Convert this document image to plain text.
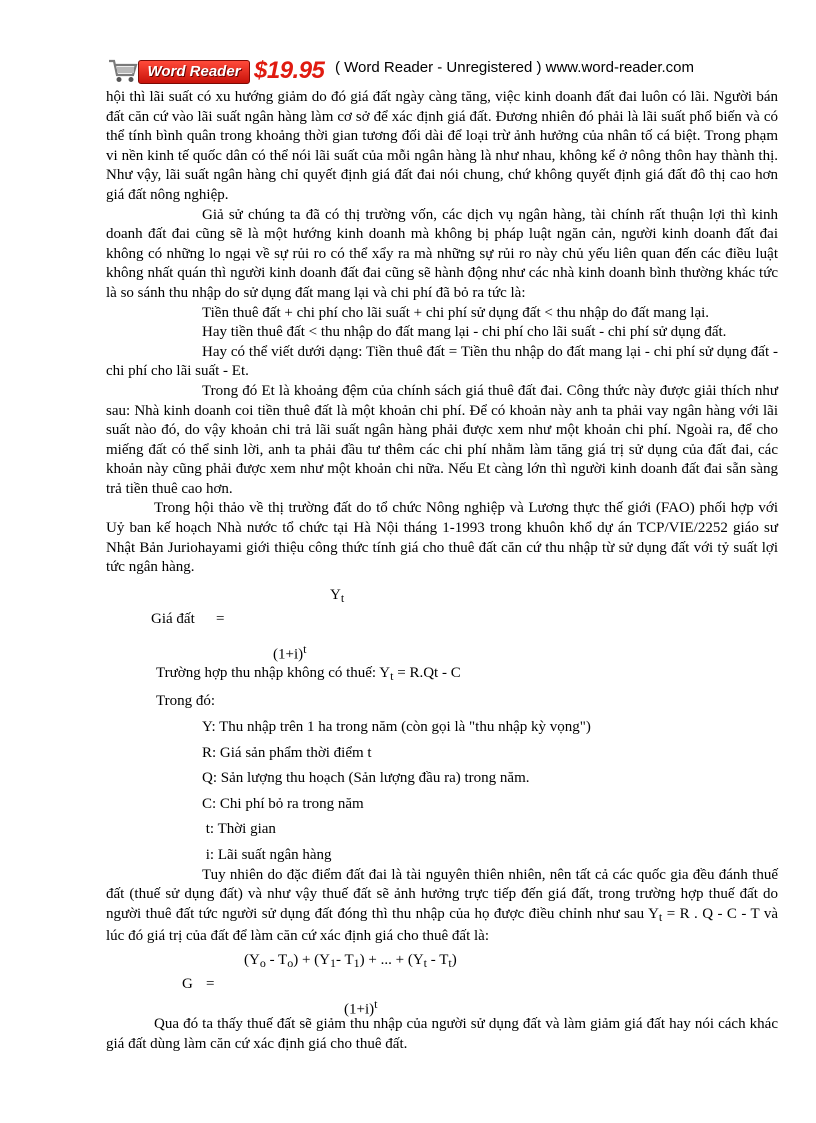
Word Reader $19.95 ( Word Reader - Unregistered ) www.word-reader.com

hội thì lãi suất có xu hướng giảm do đó giá đất ngày càng tăng, việc kinh doanh đất đai luôn có lãi. Người bán đất căn cứ vào lãi suất ngân hàng làm cơ sở để xác định giá đất. Đương nhiên đó phải là lãi suất phổ biến và có thể tính bình quân trong khoảng thời gian tương đối dài để loại trừ ảnh hưởng của nhân tố cá biệt. Trong phạm vi nền kinh tế quốc dân có thể nói lãi suất của mỗi ngân hàng là như nhau, không kể ở nông thôn hay thành thị. Như vậy, lãi suất ngân hàng chỉ quyết định giá đất đai nói chung, chứ không quyết định giá đất đô thị cao hơn giá đất nông nghiệp.

Giả sử chúng ta đã có thị trường vốn, các dịch vụ ngân hàng, tài chính rất thuận lợi thì kinh doanh đất đai cũng sẽ là một hướng kinh doanh mà không bị pháp luật ngăn cản, người kinh doanh đất đai không có những lo ngại về sự rủi ro có thể xẩy ra mà những sự rủi ro này chủ yếu liên quan đến các điều luật không nhất quán thì người kinh doanh đất đai cũng sẽ hành động như các nhà kinh doanh bình thường khác tức là so sánh thu nhập do sử dụng đất mang lại và chi phí đã bỏ ra tức là:

Tiền thuê đất + chi phí cho lãi suất + chi phí sử dụng đất < thu nhập do đất mang lại.

Hay tiền thuê đất < thu nhập do đất mang lại - chi phí cho lãi suất - chi phí sử dụng đất.

Hay có thể viết dưới dạng: Tiền thuê đất = Tiền thu nhập do đất mang lại - chi phí sử dụng đất - chi phí cho lãi suất - Et.

Trong đó Et là khoảng đệm của chính sách giá thuê đất đai. Công thức này được giải thích như sau: Nhà kinh doanh coi tiền thuê đất là một khoản chi phí. Để có khoản này anh ta phải vay ngân hàng với lãi suất nào đó, do vậy khoản chi trả lãi suất ngân hàng phải được xem như một khoản chi phí. Ngoài ra, để cho miếng đất có thể sinh lời, anh ta phải đầu tư thêm các chi phí nhằm làm tăng giá trị sử dụng của đất đai, các khoản này cũng phải được xem như một khoản chi nữa. Nếu Et càng lớn thì người kinh doanh đất đai sẵn sàng trả tiền thuê cao hơn.

Trong hội thảo về thị trường đất do tổ chức Nông nghiệp và Lương thực thế giới (FAO) phối hợp với Uỷ ban kế hoạch Nhà nước tổ chức tại Hà Nội tháng 1-1993 trong khuôn khổ dự án TCP/VIE/2252 giáo sư Nhật Bản Juriohayami giới thiệu công thức tính giá cho thuê đất căn cứ thu nhập từ sử dụng đất với tỷ suất lợi tức ngân hàng.

$Y_t$
Giá đất =
$(1+i)^t$

Trường hợp thu nhập không có thuế: $Y_t = R.Qt - C$

Trong đó:

Y: Thu nhập trên 1 ha trong năm (còn gọi là "thu nhập kỳ vọng")

R: Giá sản phẩm thời điểm t

Q: Sản lượng thu hoạch (Sản lượng đầu ra) trong năm.

C: Chi phí bỏ ra trong năm

t: Thời gian

i: Lãi suất ngân hàng

Tuy nhiên do đặc điểm đất đai là tài nguyên thiên nhiên, nên tất cả các quốc gia đều đánh thuế đất (thuế sử dụng đất) và như vậy thuế đất sẽ ảnh hưởng trực tiếp đến giá đất, trong trường hợp thuế đất do người thuê đất tức người sử dụng đất đóng thì thu nhập của họ được điều chỉnh như sau $Y_t = R$ . Q - C - T và lúc đó giá trị của đất để làm căn cứ xác định giá cho thuê đất là:

$(Y_o - T_o) + (Y_1-$ $T_1$) + ... + $(Y_t - T_t)$
G =
$(1+i)^t$

Qua đó ta thấy thuế đất sẽ giảm thu nhập của người sử dụng đất và làm giảm giá đất hay nói cách khác giá đất dùng làm căn cứ xác định giá cho thuê đất.
